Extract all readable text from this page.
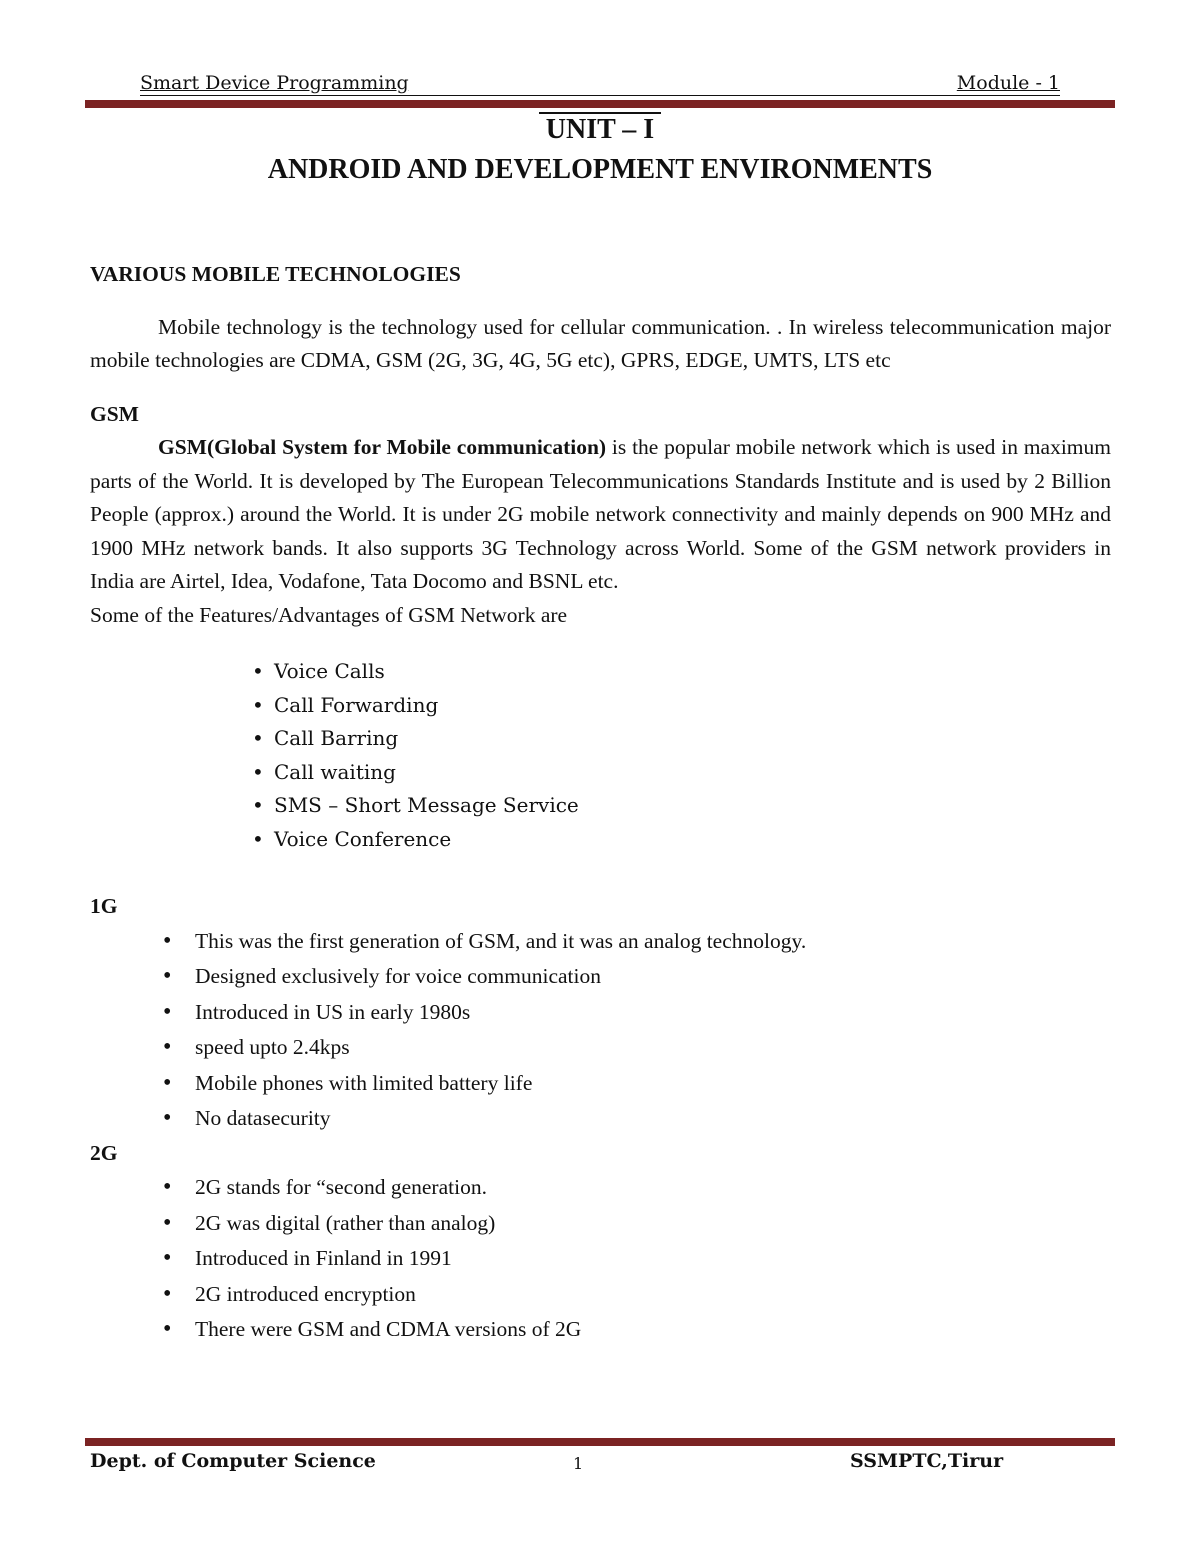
Smart Device Programming	Module - 1
UNIT – I
ANDROID AND DEVELOPMENT ENVIRONMENTS

VARIOUS MOBILE TECHNOLOGIES

Mobile technology is the technology used for cellular communication. . In wireless telecommunication major mobile technologies are CDMA, GSM (2G, 3G, 4G, 5G etc), GPRS, EDGE, UMTS, LTS etc

GSM

GSM(Global System for Mobile communication) is the popular mobile network which is used in maximum parts of the World. It is developed by The European Telecommunications Standards Institute and is used by 2 Billion People (approx.) around the World. It is under 2G mobile network connectivity and mainly depends on 900 MHz and 1900 MHz network bands. It also supports 3G Technology across World. Some of the GSM network providers in India are Airtel, Idea, Vodafone, Tata Docomo and BSNL etc.

Some of the Features/Advantages of GSM Network are

• Voice Calls
• Call Forwarding
• Call Barring
• Call waiting
• SMS – Short Message Service
• Voice Conference

1G

• This was the first generation of GSM, and it was an analog technology.
• Designed exclusively for voice communication
• Introduced in US in early 1980s
• speed upto 2.4kps
• Mobile phones with limited battery life
• No datasecurity

2G

• 2G stands for “second generation.
• 2G was digital (rather than analog)
• Introduced in Finland in 1991
• 2G introduced encryption
• There were GSM and CDMA versions of 2G
Dept. of Computer Science	1	SSMPTC,Tirur
